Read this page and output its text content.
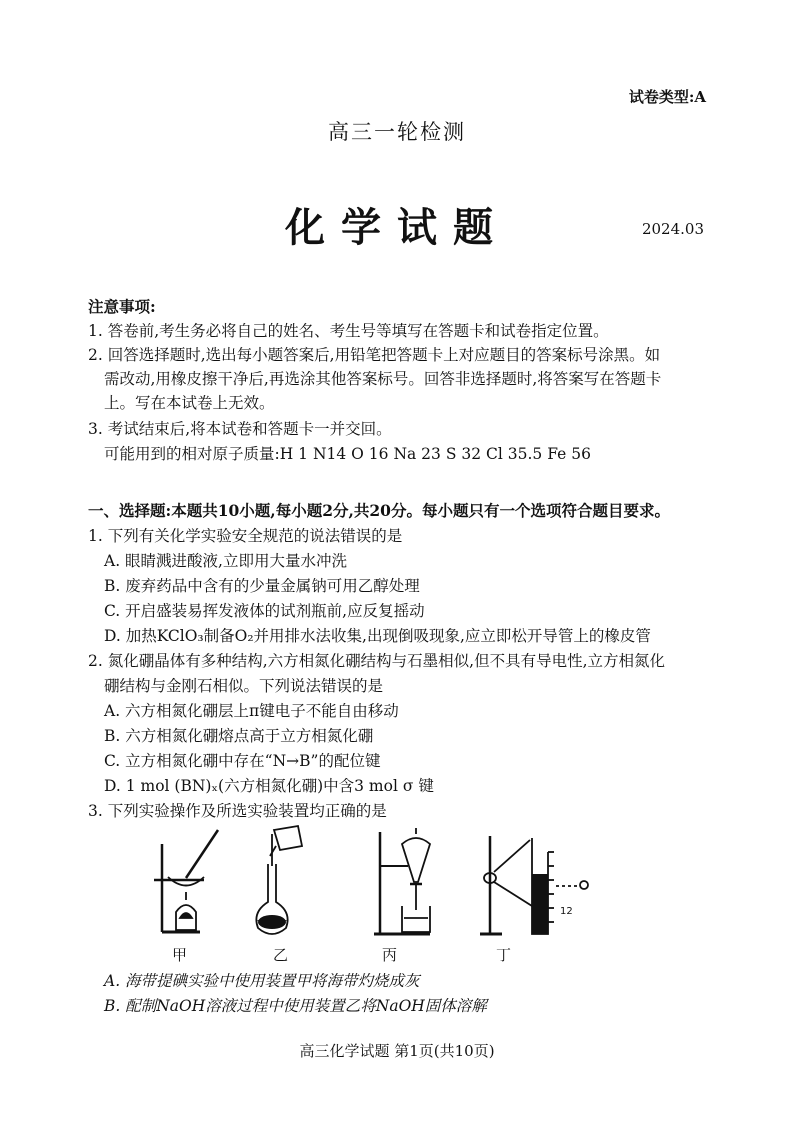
试卷类型:A
高三一轮检测
化学试题	2024.03
注意事项:
1. 答卷前,考生务必将自己的姓名、考生号等填写在答题卡和试卷指定位置。
2. 回答选择题时,选出每小题答案后,用铅笔把答题卡上对应题目的答案标号涂黑。如
需改动,用橡皮擦干净后,再选涂其他答案标号。回答非选择题时,将答案写在答题卡
上。写在本试卷上无效。
3. 考试结束后,将本试卷和答题卡一并交回。
可能用到的相对原子质量:H 1 N14 O 16 Na 23 S 32 Cl 35.5 Fe 56
一、选择题:本题共10小题,每小题2分,共20分。每小题只有一个选项符合题目要求。
1. 下列有关化学实验安全规范的说法错误的是
A. 眼睛溅进酸液,立即用大量水冲洗
B. 废弃药品中含有的少量金属钠可用乙醇处理
C. 开启盛装易挥发液体的试剂瓶前,应反复摇动
D. 加热KClO₃制备O₂并用排水法收集,出现倒吸现象,应立即松开导管上的橡皮管
2. 氮化硼晶体有多种结构,六方相氮化硼结构与石墨相似,但不具有导电性,立方相氮化
硼结构与金刚石相似。下列说法错误的是
A. 六方相氮化硼层上π键电子不能自由移动
B. 六方相氮化硼熔点高于立方相氮化硼
C. 立方相氮化硼中存在“N→B”的配位键
D. 1 mol (BN)ₓ(六方相氮化硼)中含3 mol σ 键
3. 下列实验操作及所选实验装置均正确的是
12
甲	乙	丙	丁
A. 海带提碘实验中使用装置甲将海带灼烧成灰
B. 配制NaOH溶液过程中使用装置乙将NaOH固体溶解
高三化学试题 第1页(共10页)
